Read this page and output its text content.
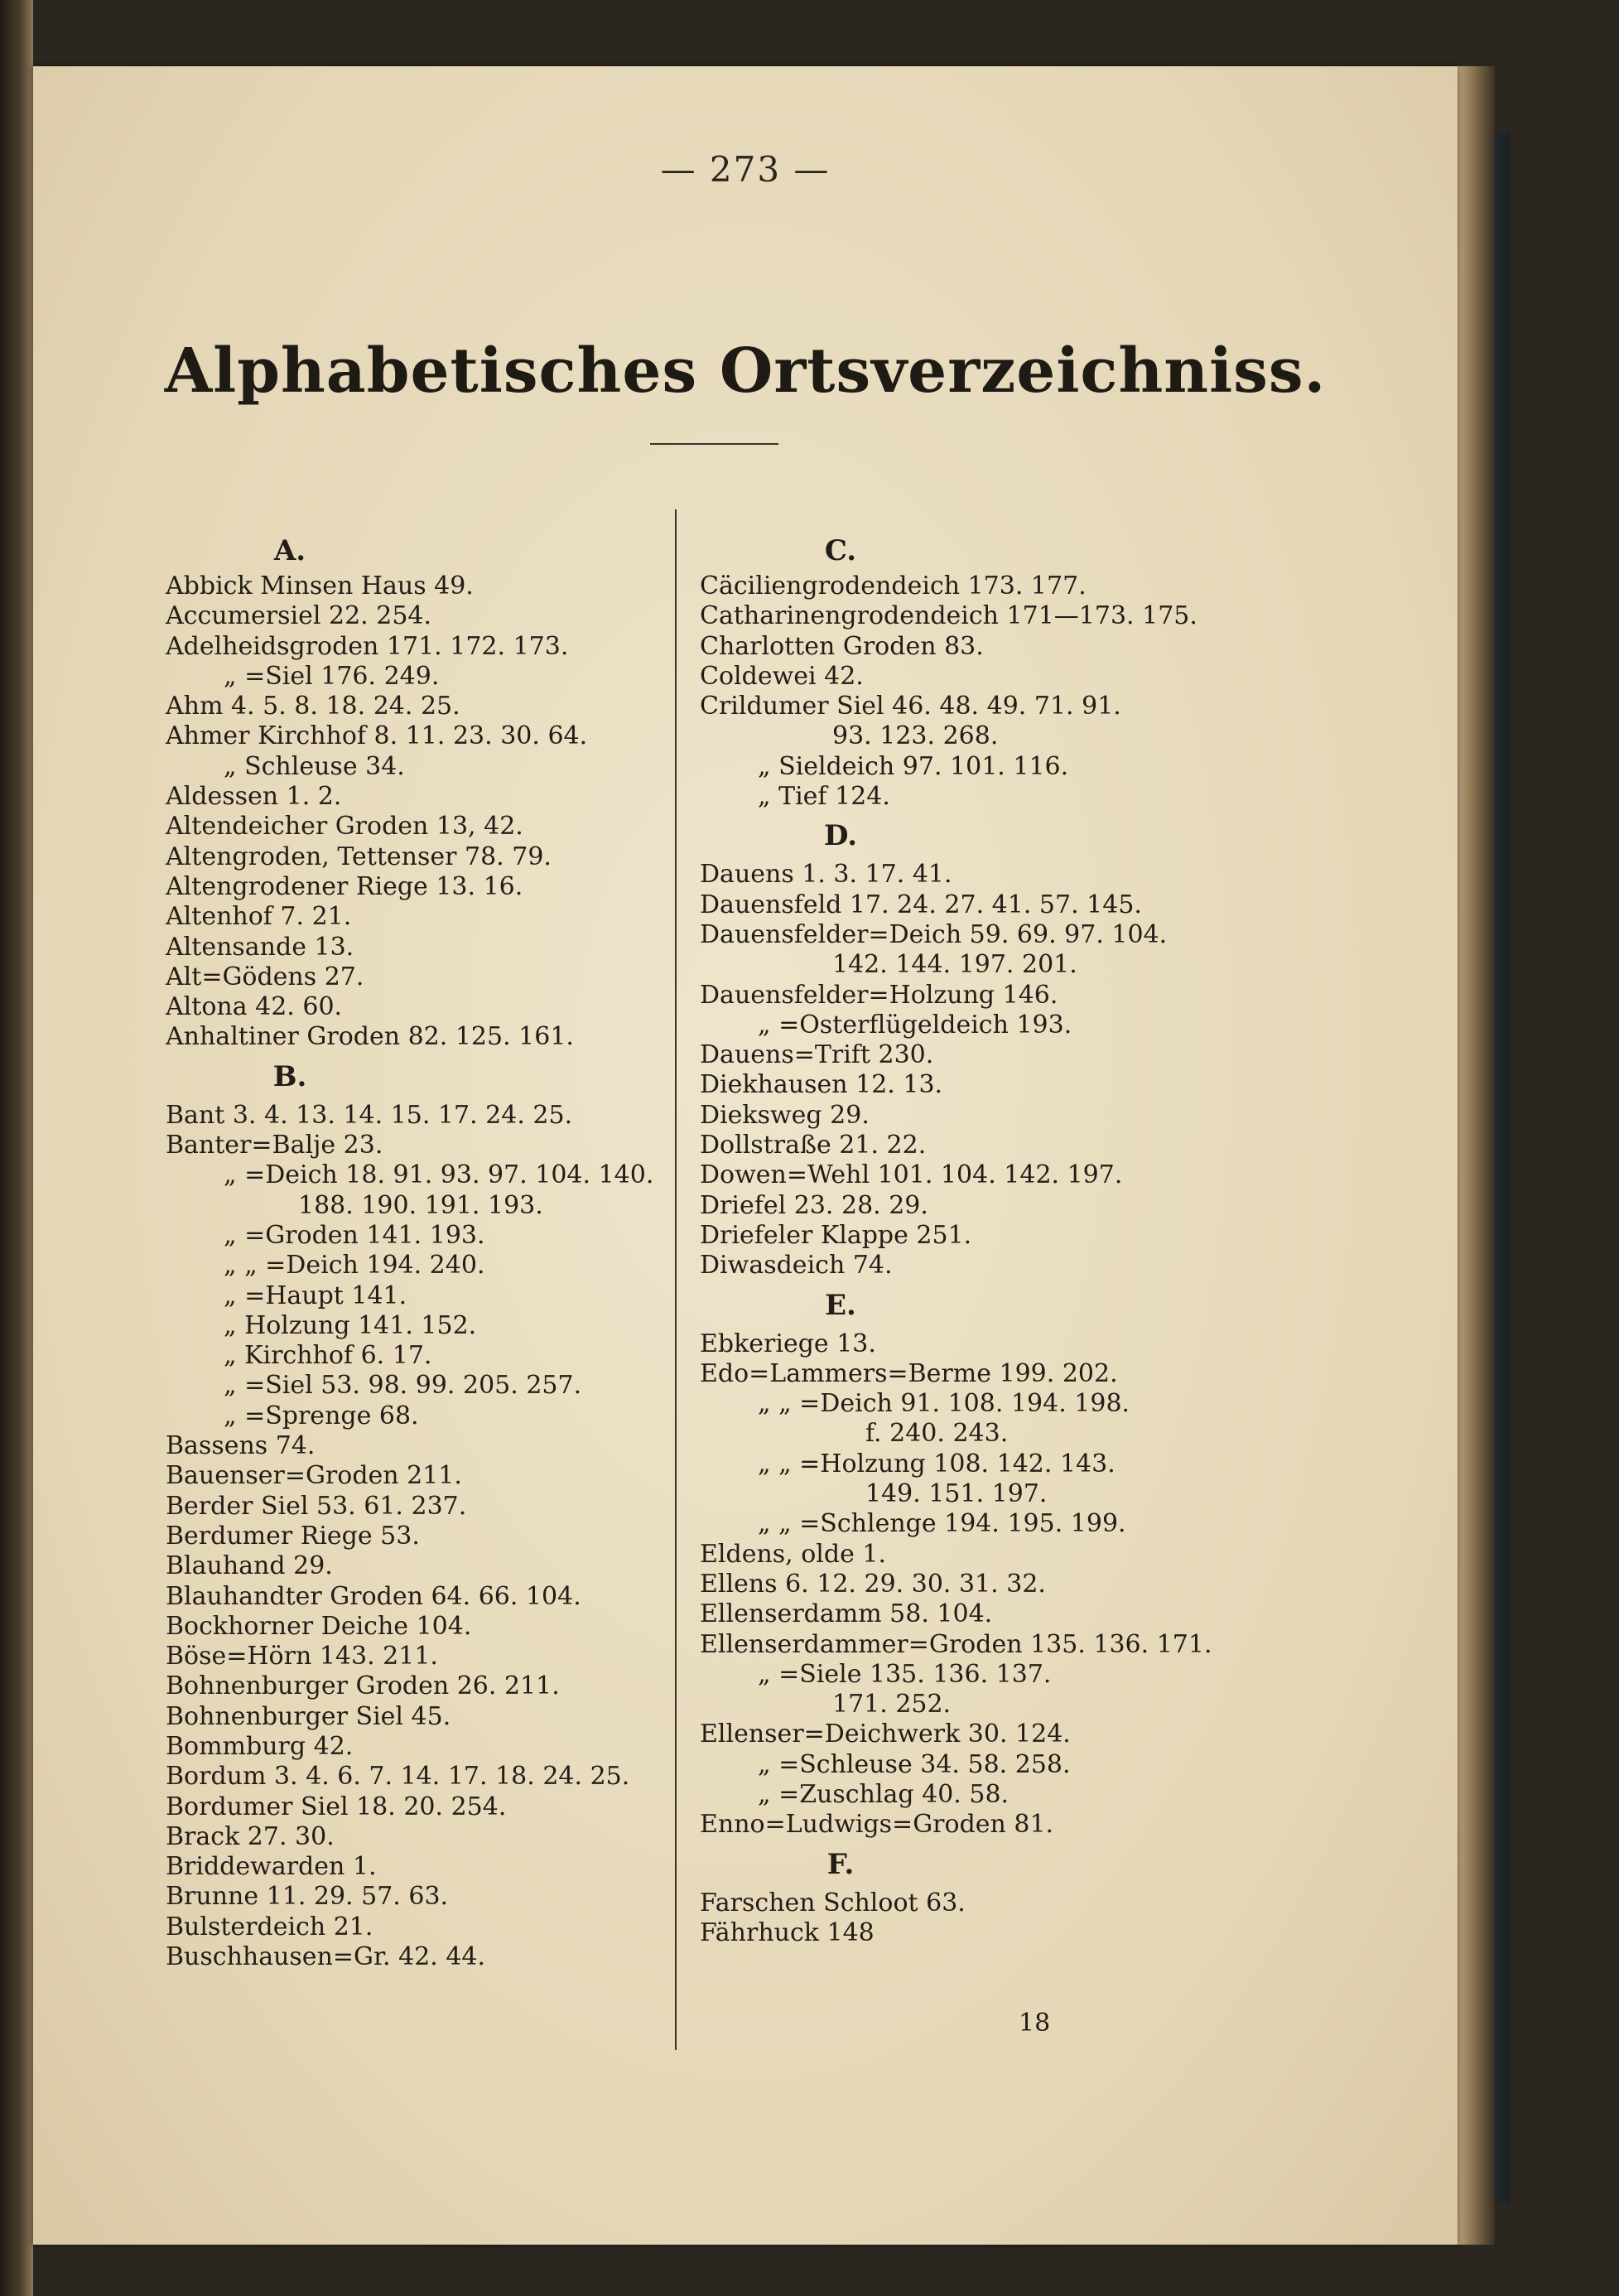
— 273 —
Alphabetisches Ortsverzeichniss.
A.
Abbick Minsen Haus 49.
Accumersiel 22. 254.
Adelheidsgroden 171. 172. 173.
„ =Siel 176. 249.
Ahm 4. 5. 8. 18. 24. 25.
Ahmer Kirchhof 8. 11. 23. 30. 64.
„ Schleuse 34.
Aldessen 1. 2.
Altendeicher Groden 13, 42.
Altengroden, Tettenser 78. 79.
Altengrodener Riege 13. 16.
Altenhof 7. 21.
Altensande 13.
Alt=Gödens 27.
Altona 42. 60.
Anhaltiner Groden 82. 125. 161.
B.
Bant 3. 4. 13. 14. 15. 17. 24. 25.
Banter=Balje 23.
„ =Deich 18. 91. 93. 97. 104. 140.
188. 190. 191. 193.
„ =Groden 141. 193.
„ „ =Deich 194. 240.
„ =Haupt 141.
„ Holzung 141. 152.
„ Kirchhof 6. 17.
„ =Siel 53. 98. 99. 205. 257.
„ =Sprenge 68.
Bassens 74.
Bauenser=Groden 211.
Berder Siel 53. 61. 237.
Berdumer Riege 53.
Blauhand 29.
Blauhandter Groden 64. 66. 104.
Bockhorner Deiche 104.
Böse=Hörn 143. 211.
Bohnenburger Groden 26. 211.
Bohnenburger Siel 45.
Bommburg 42.
Bordum 3. 4. 6. 7. 14. 17. 18. 24. 25.
Bordumer Siel 18. 20. 254.
Brack 27. 30.
Briddewarden 1.
Brunne 11. 29. 57. 63.
Bulsterdeich 21.
Buschhausen=Gr. 42. 44.
C.
Cäciliengrodendeich 173. 177.
Catharinengrodendeich 171—173. 175.
Charlotten Groden 83.
Coldewei 42.
Crildumer Siel 46. 48. 49. 71. 91.
93. 123. 268.
„ Sieldeich 97. 101. 116.
„ Tief 124.
D.
Dauens 1. 3. 17. 41.
Dauensfeld 17. 24. 27. 41. 57. 145.
Dauensfelder=Deich 59. 69. 97. 104.
142. 144. 197. 201.
Dauensfelder=Holzung 146.
„ =Osterflügeldeich 193.
Dauens=Trift 230.
Diekhausen 12. 13.
Dieksweg 29.
Dollstraße 21. 22.
Dowen=Wehl 101. 104. 142. 197.
Driefel 23. 28. 29.
Driefeler Klappe 251.
Diwasdeich 74.
E.
Ebkeriege 13.
Edo=Lammers=Berme 199. 202.
„ „ =Deich 91. 108. 194. 198.
f. 240. 243.
„ „ =Holzung 108. 142. 143.
149. 151. 197.
„ „ =Schlenge 194. 195. 199.
Eldens, olde 1.
Ellens 6. 12. 29. 30. 31. 32.
Ellenserdamm 58. 104.
Ellenserdammer=Groden 135. 136. 171.
„ =Siele 135. 136. 137.
171. 252.
Ellenser=Deichwerk 30. 124.
„ =Schleuse 34. 58. 258.
„ =Zuschlag 40. 58.
Enno=Ludwigs=Groden 81.
F.
Farschen Schloot 63.
Fährhuck 148
18
